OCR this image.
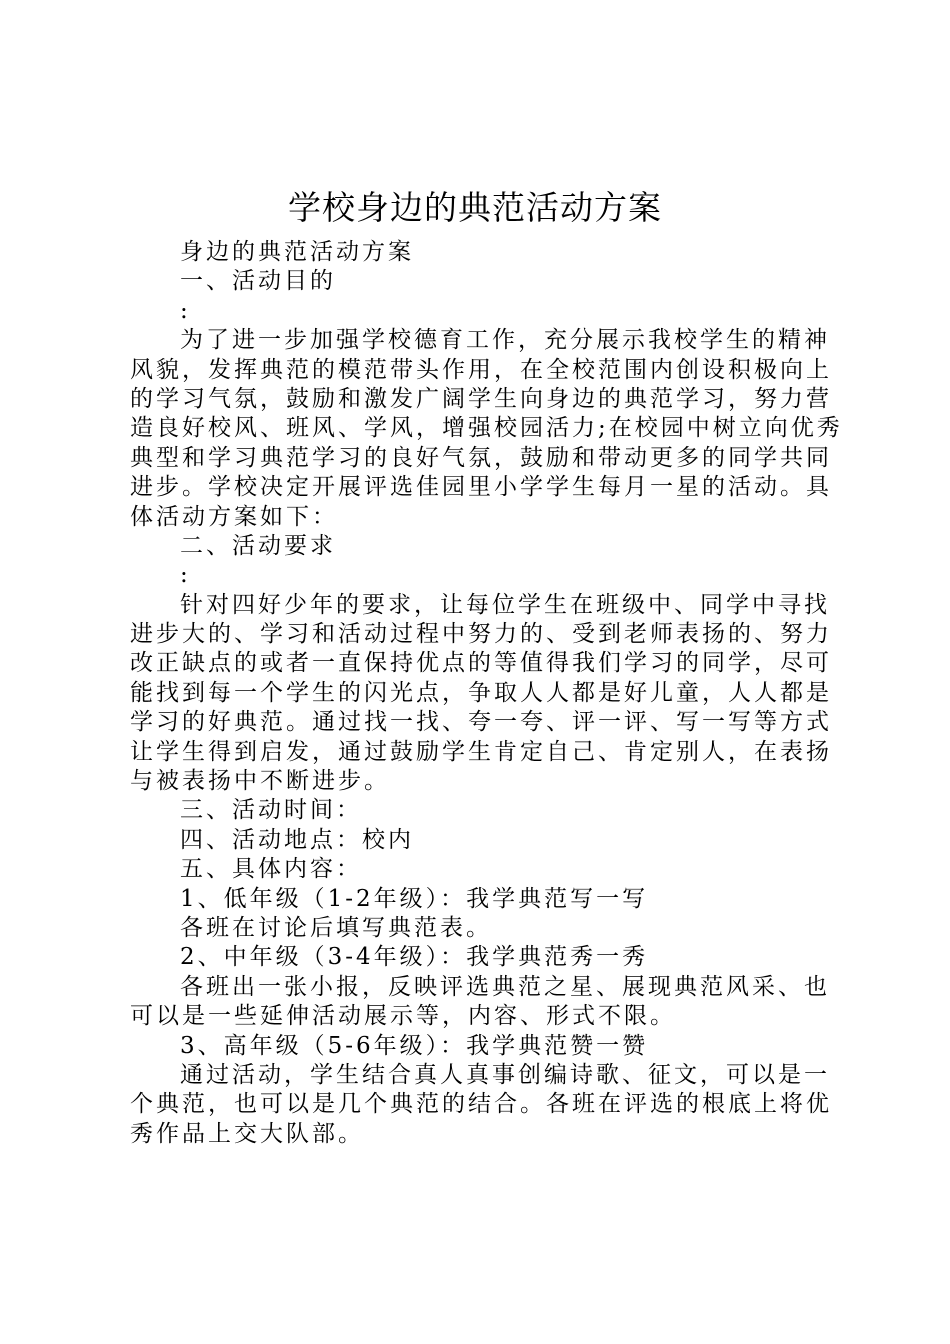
学校身边的典范活动方案
身边的典范活动方案
一、活动目的
:
为了进一步加强学校德育工作，充分展示我校学生的精神
风貌，发挥典范的模范带头作用，在全校范围内创设积极向上
的学习气氛，鼓励和激发广阔学生向身边的典范学习，努力营
造良好校风、班风、学风，增强校园活力;在校园中树立向优秀
典型和学习典范学习的良好气氛，鼓励和带动更多的同学共同
进步。学校决定开展评选佳园里小学学生每月一星的活动。具
体活动方案如下：
二、活动要求
:
针对四好少年的要求，让每位学生在班级中、同学中寻找
进步大的、学习和活动过程中努力的、受到老师表扬的、努力
改正缺点的或者一直保持优点的等值得我们学习的同学，尽可
能找到每一个学生的闪光点，争取人人都是好儿童，人人都是
学习的好典范。通过找一找、夸一夸、评一评、写一写等方式
让学生得到启发，通过鼓励学生肯定自己、肯定别人，在表扬
与被表扬中不断进步。
三、活动时间：
四、活动地点：校内
五、具体内容：
1、低年级（1-2年级）：我学典范写一写
各班在讨论后填写典范表。
2、中年级（3-4年级）：我学典范秀一秀
各班出一张小报，反映评选典范之星、展现典范风采、也
可以是一些延伸活动展示等，内容、形式不限。
3、高年级（5-6年级）：我学典范赞一赞
通过活动，学生结合真人真事创编诗歌、征文，可以是一
个典范，也可以是几个典范的结合。各班在评选的根底上将优
秀作品上交大队部。
